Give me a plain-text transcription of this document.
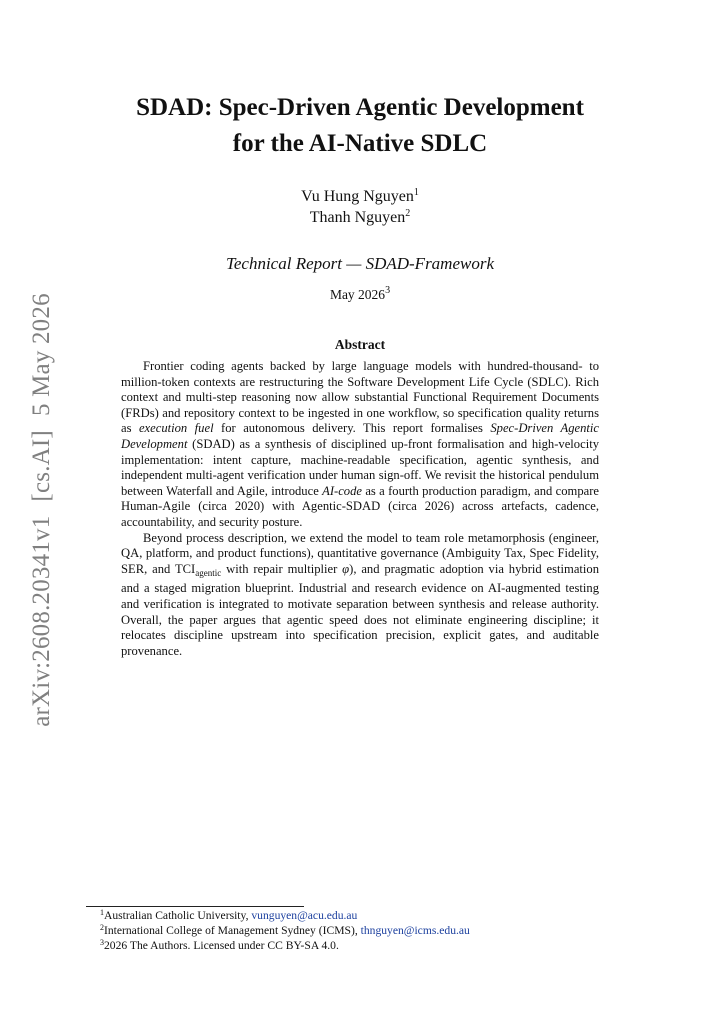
arXiv:2608.20341v1[cs.AI]5 May 2026
SDAD: Spec-Driven Agentic Development
for the AI-Native SDLC
Vu Hung Nguyen$^1$
Thanh Nguyen$^2$
Technical Report — SDAD-Framework
May 2026$^3$
Abstract

Frontier coding agents backed by large language models with hundred-thousand- to million-token contexts are restructuring the Software Development Life Cycle (SDLC). Rich context and multi-step reasoning now allow substantial Functional Requirement Documents (FRDs) and repository context to be ingested in one workflow, so specification quality returns as execution fuel for autonomous delivery. This report formalises Spec-Driven Agentic Development (SDAD) as a synthesis of disciplined up-front formalisation and high-velocity implementation: intent capture, machine-readable specification, agentic synthesis, and independent multi-agent verification under human sign-off. We revisit the historical pendulum between Waterfall and Agile, introduce AI-code as a fourth production paradigm, and compare Human-Agile (circa 2020) with Agentic-SDAD (circa 2026) across artefacts, cadence, accountability, and security posture.

Beyond process description, we extend the model to team role metamorphosis (engineer, QA, platform, and product functions), quantitative governance (Ambiguity Tax, Spec Fidelity, SER, and $TCI_{agentic}$ with repair multiplier φ), and pragmatic adoption via hybrid estimation and a staged migration blueprint. Industrial and research evidence on AI-augmented testing and verification is integrated to motivate separation between synthesis and release authority. Overall, the paper argues that agentic speed does not eliminate engineering discipline; it relocates discipline upstream into specification precision, explicit gates, and auditable provenance.

$^1$Australian Catholic University, vunguyen@acu.edu.au
$^2$International College of Management Sydney (ICMS), thnguyen@icms.edu.au
$^3$2026 The Authors. Licensed under CC BY-SA 4.0.
